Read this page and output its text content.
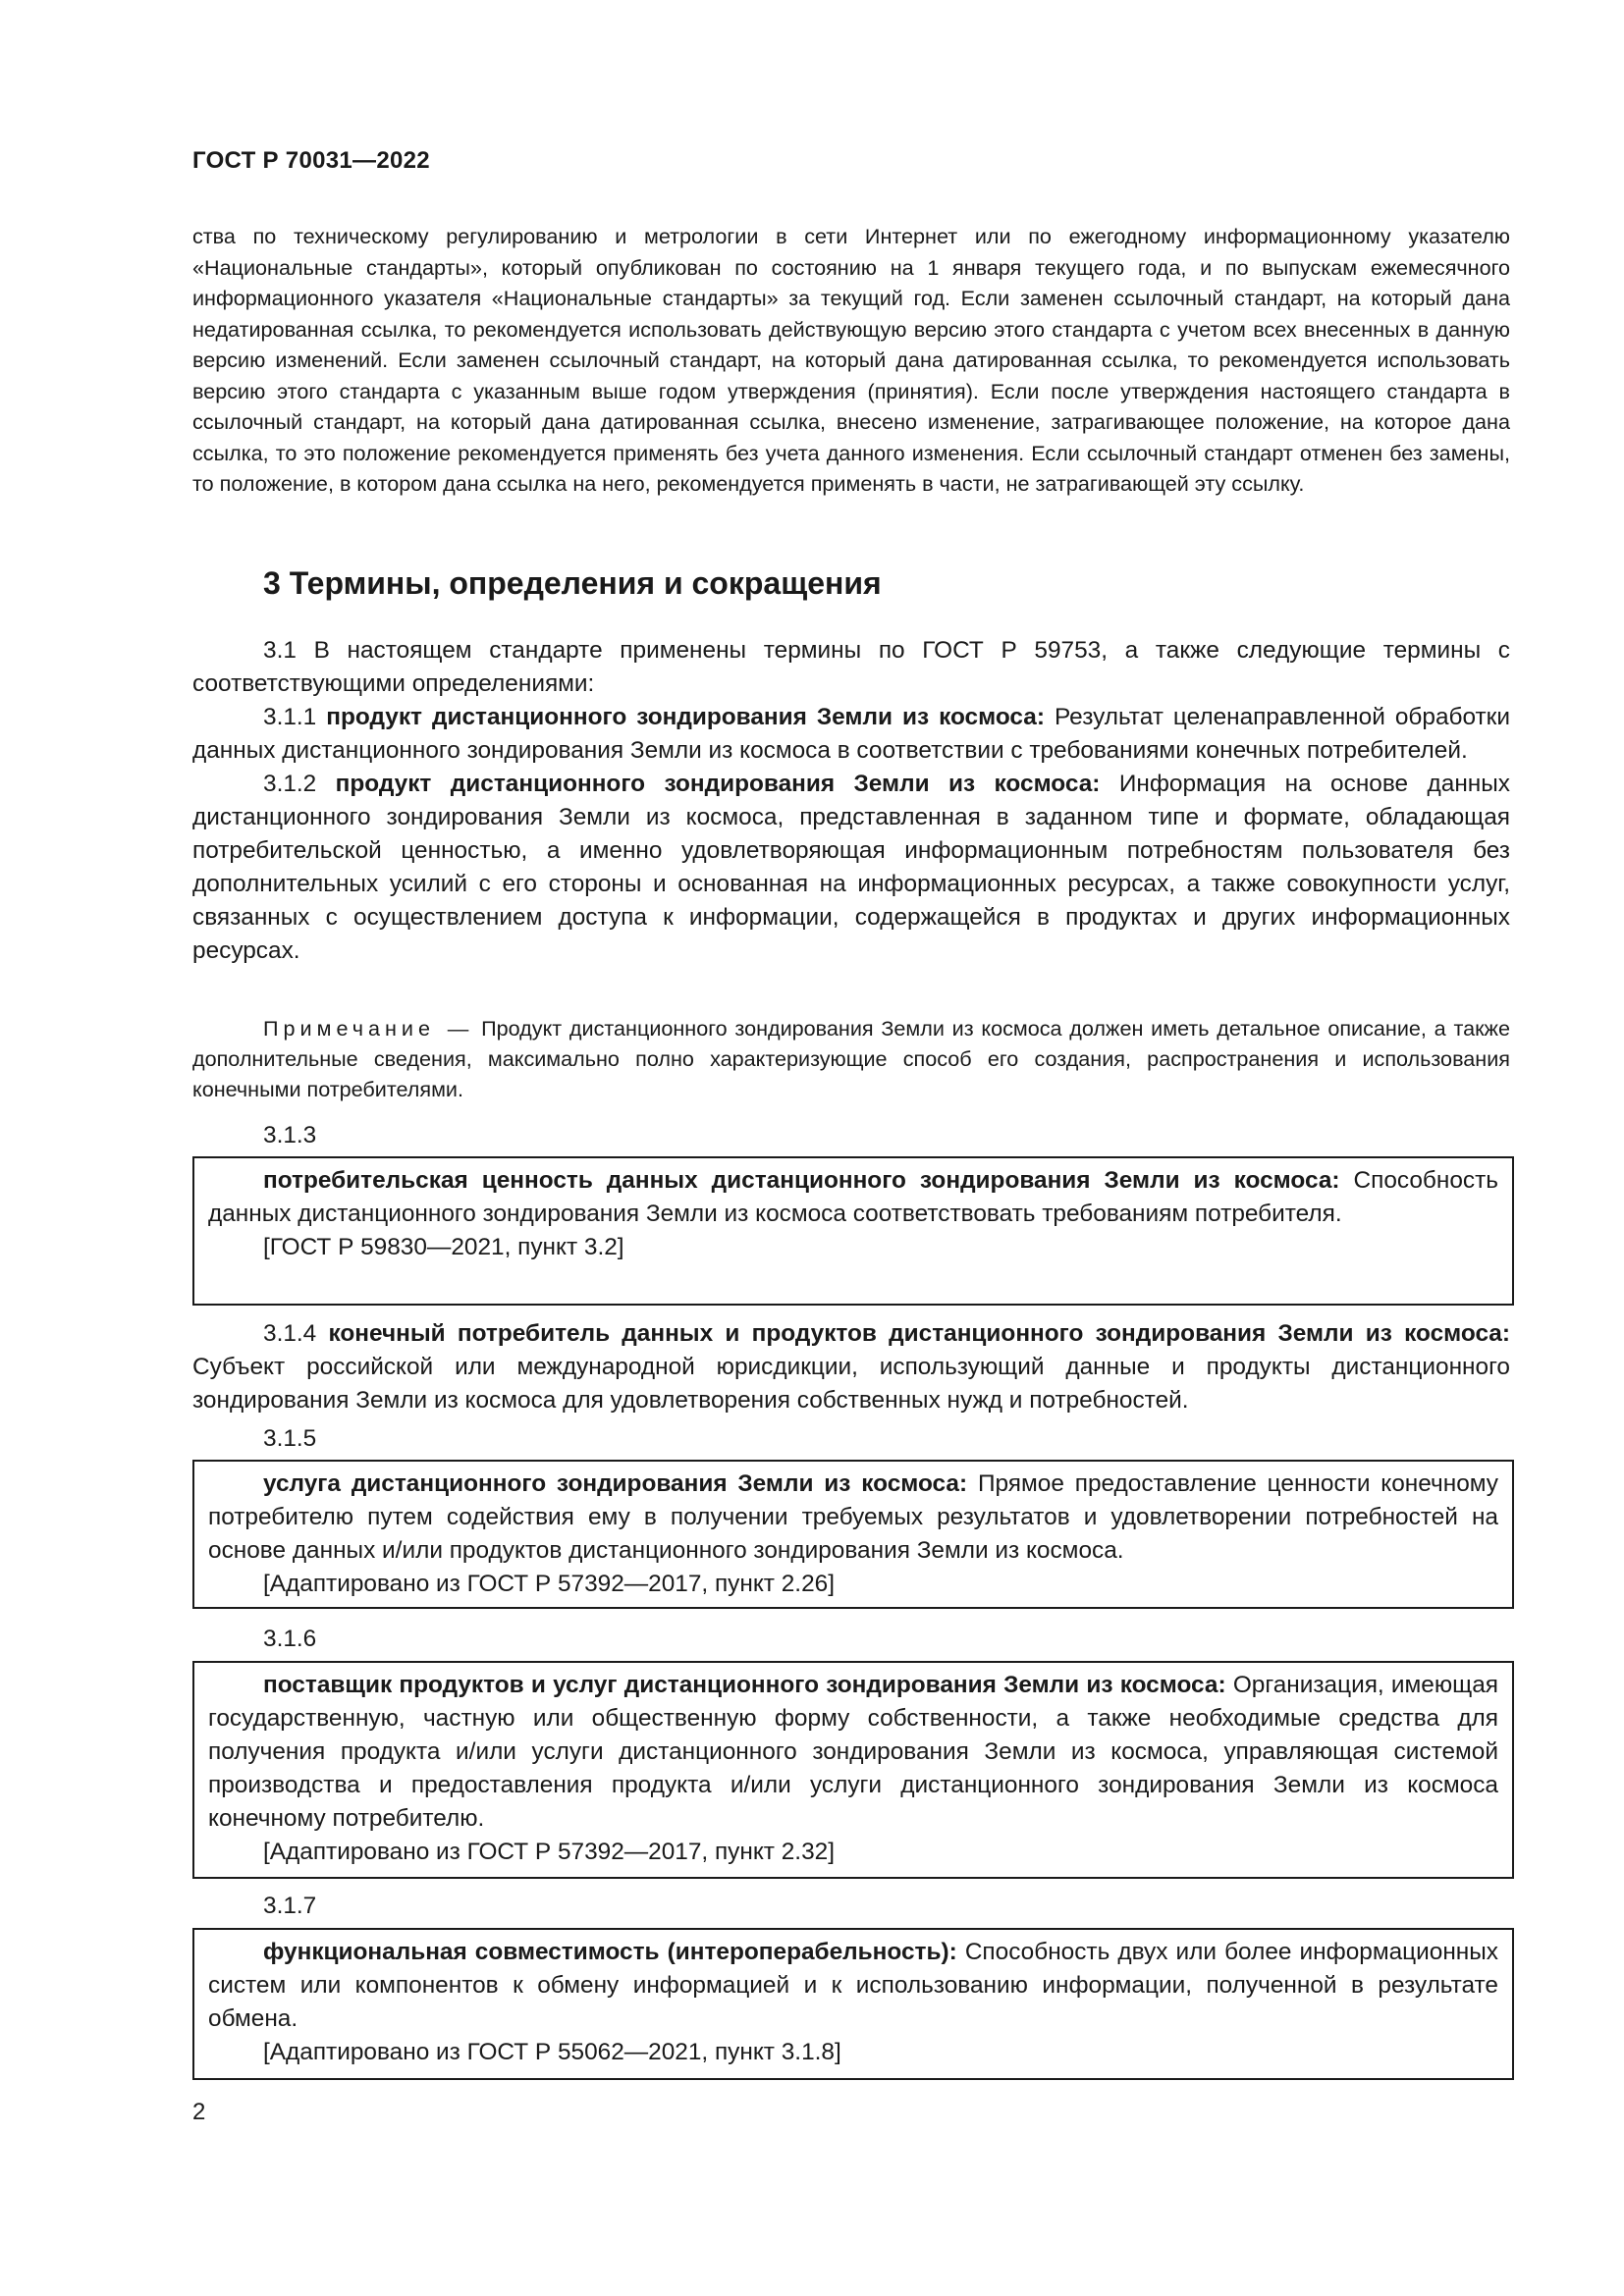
ГОСТ Р 70031—2022

ства по техническому регулированию и метрологии в сети Интернет или по ежегодному информационному указателю «Национальные стандарты», который опубликован по состоянию на 1 января текущего года, и по выпускам ежемесячного информационного указателя «Национальные стандарты» за текущий год. Если заменен ссылочный стандарт, на который дана недатированная ссылка, то рекомендуется использовать действующую версию этого стандарта с учетом всех внесенных в данную версию изменений. Если заменен ссылочный стандарт, на который дана датированная ссылка, то рекомендуется использовать версию этого стандарта с указанным выше годом утверждения (принятия). Если после утверждения настоящего стандарта в ссылочный стандарт, на который дана датированная ссылка, внесено изменение, затрагивающее положение, на которое дана ссылка, то это положение рекомендуется применять без учета данного изменения. Если ссылочный стандарт отменен без замены, то положение, в котором дана ссылка на него, рекомендуется применять в части, не затрагивающей эту ссылку.

3 Термины, определения и сокращения

3.1 В настоящем стандарте применены термины по ГОСТ Р 59753, а также следующие термины с соответствующими определениями:

3.1.1 продукт дистанционного зондирования Земли из космоса: Результат целенаправленной обработки данных дистанционного зондирования Земли из космоса в соответствии с требованиями конечных потребителей.

3.1.2 продукт дистанционного зондирования Земли из космоса: Информация на основе данных дистанционного зондирования Земли из космоса, представленная в заданном типе и формате, обладающая потребительской ценностью, а именно удовлетворяющая информационным потребностям пользователя без дополнительных усилий с его стороны и основанная на информационных ресурсах, а также совокупности услуг, связанных с осуществлением доступа к информации, содержащейся в продуктах и других информационных ресурсах.

Примечание — Продукт дистанционного зондирования Земли из космоса должен иметь детальное описание, а также дополнительные сведения, максимально полно характеризующие способ его создания, распространения и использования конечными потребителями.

3.1.3

потребительская ценность данных дистанционного зондирования Земли из космоса: Способность данных дистанционного зондирования Земли из космоса соответствовать требованиям потребителя.

[ГОСТ Р 59830—2021, пункт 3.2]

3.1.4 конечный потребитель данных и продуктов дистанционного зондирования Земли из космоса: Субъект российской или международной юрисдикции, использующий данные и продукты дистанционного зондирования Земли из космоса для удовлетворения собственных нужд и потребностей.

3.1.5

услуга дистанционного зондирования Земли из космоса: Прямое предоставление ценности конечному потребителю путем содействия ему в получении требуемых результатов и удовлетворении потребностей на основе данных и/или продуктов дистанционного зондирования Земли из космоса.

[Адаптировано из ГОСТ Р 57392—2017, пункт 2.26]

3.1.6

поставщик продуктов и услуг дистанционного зондирования Земли из космоса: Организация, имеющая государственную, частную или общественную форму собственности, а также необходимые средства для получения продукта и/или услуги дистанционного зондирования Земли из космоса, управляющая системой производства и предоставления продукта и/или услуги дистанционного зондирования Земли из космоса конечному потребителю.

[Адаптировано из ГОСТ Р 57392—2017, пункт 2.32]

3.1.7

функциональная совместимость (интероперабельность): Способность двух или более информационных систем или компонентов к обмену информацией и к использованию информации, полученной в результате обмена.

[Адаптировано из ГОСТ Р 55062—2021, пункт 3.1.8]

2
